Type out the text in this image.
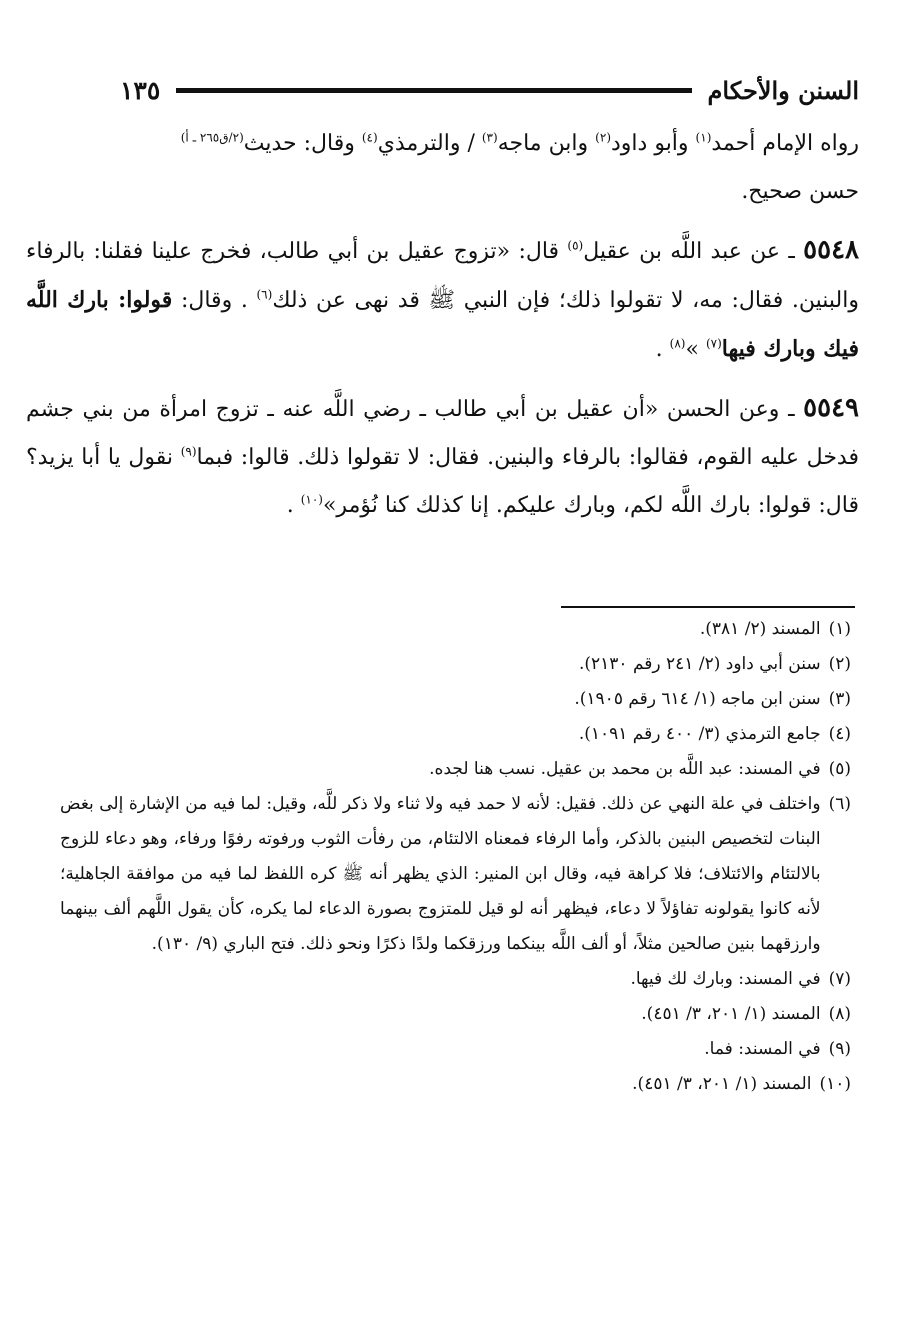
السنن والأحكام
١٣٥

رواه الإمام أحمد$^{(١)}$ وأبو داود$^{(٢)}$ وابن ماجه$^{(٣)}$ / والترمذي$^{(٤)}$ وقال: حديث$^{(٢/ق٢٦٥ ـ أ)}$

حسن صحيح.

٥٥٤٨ ـ عن عبد اللَّه بن عقيل$^{(٥)}$ قال: «تزوج عقيل بن أبي طالب، فخرج علينا فقلنا: بالرفاء والبنين. فقال: مه، لا تقولوا ذلك؛ فإن النبي ﷺ قد نهى عن ذلك$^{(٦)}$ . وقال: قولوا: بارك اللَّه فيك وبارك فيها$^{(٧)}$ »$^{(٨)}$ .

٥٥٤٩ ـ وعن الحسن «أن عقيل بن أبي طالب ـ رضي اللَّه عنه ـ تزوج امرأة من بني جشم فدخل عليه القوم، فقالوا: بالرفاء والبنين. فقال: لا تقولوا ذلك. قالوا: فبما$^{(٩)}$ نقول يا أبا يزيد؟ قال: قولوا: بارك اللَّه لكم، وبارك عليكم. إنا كذلك كنا نُؤمر»$^{(١٠)}$ .

(١)
المسند (٢/ ٣٨١).
(٢)
سنن أبي داود (٢/ ٢٤١ رقم ٢١٣٠).
(٣)
سنن ابن ماجه (١/ ٦١٤ رقم ١٩٠٥).
(٤)
جامع الترمذي (٣/ ٤٠٠ رقم ١٠٩١).
(٥)
في المسند: عبد اللَّه بن محمد بن عقيل. نسب هنا لجده.
(٦)
واختلف في علة النهي عن ذلك. فقيل: لأنه لا حمد فيه ولا ثناء ولا ذكر للَّه، وقيل: لما فيه من الإشارة إلى بغض البنات لتخصيص البنين بالذكر، وأما الرفاء فمعناه الالتئام، من رفأت الثوب ورفوته رفوًا ورفاء، وهو دعاء للزوج بالالتئام والائتلاف؛ فلا كراهة فيه، وقال ابن المنير: الذي يظهر أنه ﷺ كره اللفظ لما فيه من موافقة الجاهلية؛ لأنه كانوا يقولونه تفاؤلاً لا دعاء، فيظهر أنه لو قيل للمتزوج بصورة الدعاء لما يكره، كأن يقول اللَّهم ألف بينهما وارزقهما بنين صالحين مثلاً، أو ألف اللَّه بينكما ورزقكما ولدًا ذكرًا ونحو ذلك. فتح الباري (٩/ ١٣٠).
(٧)
في المسند: وبارك لك فيها.
(٨)
المسند (١/ ٢٠١، ٣/ ٤٥١).
(٩)
في المسند: فما.
(١٠)
المسند (١/ ٢٠١، ٣/ ٤٥١).
